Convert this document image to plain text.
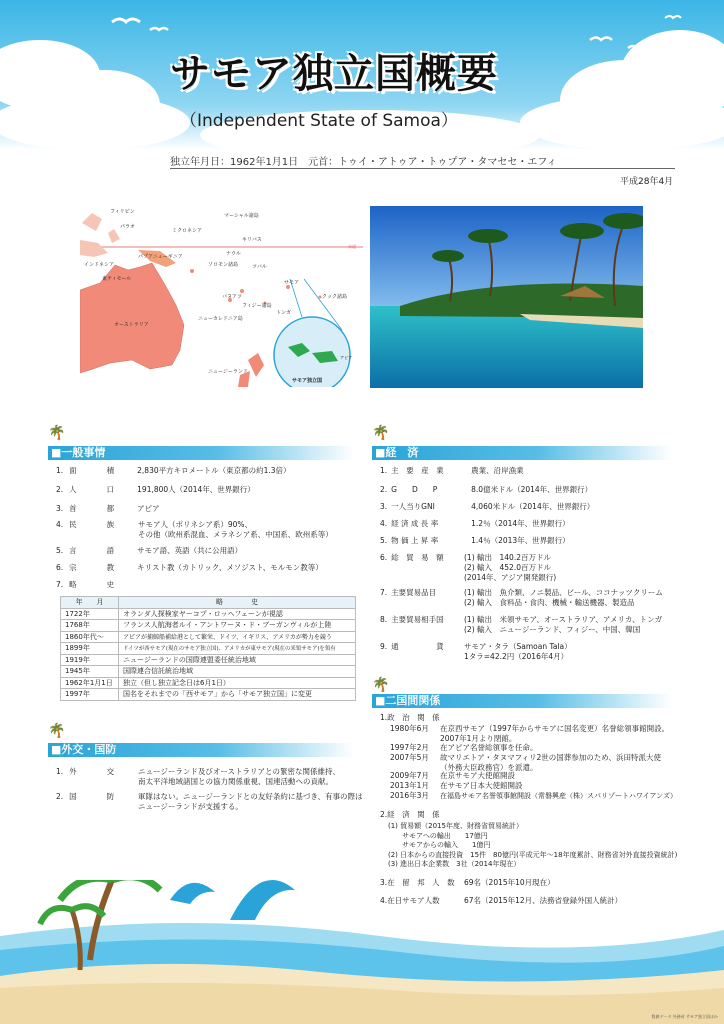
サモア独立国概要
（Independent State of Samoa）
独立年月日：1962年1月1日　元首：トゥイ・アトゥア・トゥプア・タマセセ・エフィ
平成28年4月
フィリピン
パラオ
ミクロネシア
マーシャル諸島
キリバス
赤道
インドネシア
パプアニューギニア	ナウル
ソロモン諸島	ツバル
東ティモール
サモア
クック諸島
バヌアツ
フィジー諸島
トンガ
ニューカレドニア島
オーストラリア
ニュージーランド
アピア
サモア独立国
🌴
■一般事情
1. 面　　　　積	2,830平方キロメートル（東京都の約1.3倍）
2. 人　　　　口	191,800人（2014年、世界銀行）
3. 首　　　　都	アピア
4. 民　　　　族	サモア人（ポリネシア系）90%、
その他（欧州系混血、メラネシア系、中国系、欧州系等）
5. 言　　　　語	サモア語、英語（共に公用語）
6. 宗　　　　教	キリスト教（カトリック、メソジスト、モルモン教等）
7. 略　　　　史
年　　月	略　　　　史
1722年	オランダ人探検家ヤーコプ・ロッヘフェーンが視認
1768年	フランス人航海者ルイ・アントワーヌ・ド・ブーガンヴィルが上陸
1860年代〜	アピアが捕鯨船補給港として繁栄、ドイツ、イギリス、アメリカが勢力を競う
1899年	ドイツが西サモア(現在のサモア独立国)、アメリカが東サモア(現在の米領サモア)を領有
1919年	ニュージーランドの国際連盟委任統治地域
1945年	国際連合信託統治地域
1962年1月1日	独立（但し独立記念日は6月1日）
1997年	国名をそれまでの「西サモア」から「サモア独立国」に変更
🌴
■外交・国防
1. 外　　　　交	ニュージーランド及びオーストラリアとの緊密な関係維持、
南太平洋地域諸国との協力関係重視、国連活動への貢献。
2. 国　　　　防	軍隊はない。ニュージーランドとの友好条約に基づき、有事の際は
ニュージーランドが支援する。
🌴
■経　済
1. 主　要　産　業	農業、沿岸漁業
2. G　　D　　P	8.0億米ドル（2014年、世界銀行）
3. 一人当りGNI	4,060米ドル（2014年、世界銀行）
4. 経 済 成 長 率	1.2％（2014年、世界銀行）
5. 物 価 上 昇 率	1.4％（2013年、世界銀行）
6. 総　貿　易　額	(1) 輸出　140.2百万ドル
(2) 輸入　452.0百万ドル
(2014年、アジア開発銀行)
7. 主要貿易品目	(1) 輸出　魚介類、ノニ製品、ビール、ココナッツクリーム
(2) 輸入　食料品・食肉、機械・輸送機器、製造品
8. 主要貿易相手国	(1) 輸出　米領サモア、オーストラリア、アメリカ、トンガ
(2) 輸入　ニュージーランド、フィジー、中国、韓国
9. 通　　　　　貨	サモア・タラ（Samoan Tala）
1タラ=42.2円（2016年4月）
🌴
■二国間関係
1.政　治　関　係
1980年6月	在京西サモア（1997年からサモアに国名変更）名誉総領事館開設。
2007年1月より閉館。
1997年2月	在アピア名誉総領事を任命。
2007年5月	故マリエトア・タヌマフィリ2世の国葬参加のため、浜田特派大使
（外務大臣政務官）を派遣。
2009年7月	在京サモア大使館開設
2013年1月	在サモア日本大使館開設
2016年3月	在福島サモア名誉領事館開設（常磐興産（株）スパリゾートハワイアンズ）
2.経　済　関　係
(1) 貿易額（2015年度、財務省貿易統計）
　　サモアへの輸出　　17億円
　　サモアからの輸入　　1億円
(2) 日本からの直接投資　15件　80億円(平成元年〜18年度累計、財務省対外直接投資統計)
(3) 進出日本企業数　3社（2014年現在）
3.在　留　邦　人　数 69名（2015年10月現在）
4.在日サモア人数	67名（2015年12月、法務省登録外国人統計）
数値データ 外務省 サモア独立国ほか
